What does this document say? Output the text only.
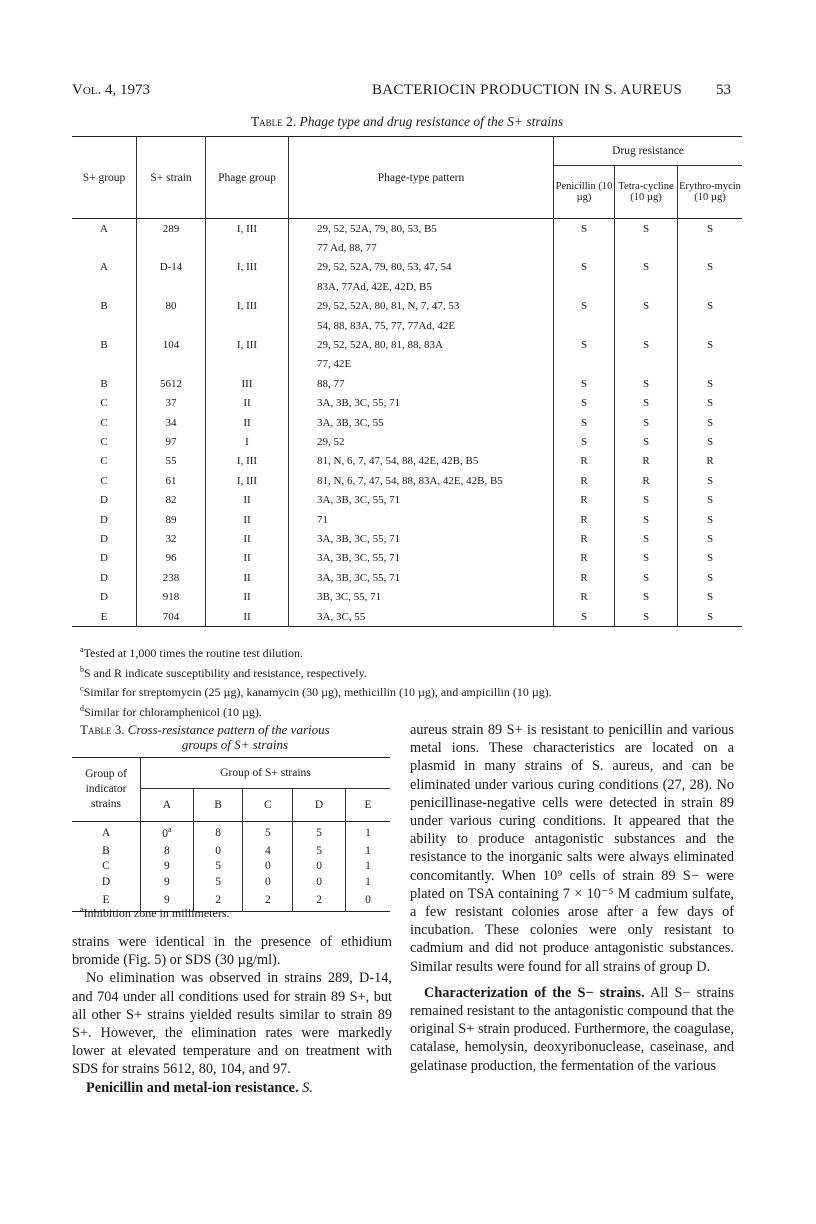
Vol. 4, 1973	BACTERIOCIN PRODUCTION IN S. AUREUS 53
Table 2. Phage type and drug resistance of the S+ strains
S+ group	S+ strain	Phage group	Phage-type pattern	Drug resistance		
				Penicillin (10 µg)	Tetra-cycline (10 µg)	Erythro-mycin (10 µg)
A	289	I, III	29, 52, 52A, 79, 80, 53, B5	S	S	S
			77 Ad, 88, 77			
A	D-14	I, III	29, 52, 52A, 79, 80, 53, 47, 54	S	S	S
			83A, 77Ad, 42E, 42D, B5			
B	80	I, III	29, 52, 52A, 80, 81, N, 7, 47, 53	S	S	S
			54, 88, 83A, 75, 77, 77Ad, 42E			
B	104	I, III	29, 52, 52A, 80, 81, 88, 83A	S	S	S
			77, 42E			
B	5612	III	88, 77	S	S	S
C	37	II	3A, 3B, 3C, 55, 71	S	S	S
C	34	II	3A, 3B, 3C, 55	S	S	S
C	97	I	29, 52	S	S	S
C	55	I, III	81, N, 6, 7, 47, 54, 88, 42E, 42B, B5	R	R	R
C	61	I, III	81, N, 6, 7, 47, 54, 88, 83A, 42E, 42B, B5	R	R	S
D	82	II	3A, 3B, 3C, 55, 71	R	S	S
D	89	II	71	R	S	S
D	32	II	3A, 3B, 3C, 55, 71	R	S	S
D	96	II	3A, 3B, 3C, 55, 71	R	S	S
D	238	II	3A, 3B, 3C, 55, 71	R	S	S
D	918	II	3B, 3C, 55, 71	R	S	S
E	704	II	3A, 3C, 55	S	S	S
$^a$Tested at 1,000 times the routine test dilution.
$^b$S and R indicate susceptibility and resistance, respectively.
$^c$Similar for streptomycin (25 µg), kanamycin (30 µg), methicillin (10 µg), and ampicillin (10 µg).
$^d$Similar for chloramphenicol (10 µg).
Table 3. Cross-resistance pattern of the various
groups of S+ strains
Group of
indicator
strains	Group of S+ strains				
	A	B	C	D	E
A	0$^a$	8	5	5	1
B	8	0	4	5	1
C	9	5	0	0	1
D	9	5	0	0	1
E	9	2	2	2	0
$^a$Inhibition zone in millimeters.

strains were identical in the presence of ethidium bromide (Fig. 5) or SDS (30 µg/ml).

No elimination was observed in strains 289, D-14, and 704 under all conditions used for strain 89 S+, but all other S+ strains yielded results similar to strain 89 S+. However, the elimination rates were markedly lower at elevated temperature and on treatment with SDS for strains 5612, 80, 104, and 97.

Penicillin and metal-ion resistance. S.

aureus strain 89 S+ is resistant to penicillin and various metal ions. These characteristics are located on a plasmid in many strains of S. aureus, and can be eliminated under various curing conditions (27, 28). No penicillinase-negative cells were detected in strain 89 under various curing conditions. It appeared that the ability to produce antagonistic substances and the resistance to the inorganic salts were always eliminated concomitantly. When 10⁹ cells of strain 89 S− were plated on TSA containing 7 × 10⁻⁵ M cadmium sulfate, a few resistant colonies arose after a few days of incubation. These colonies were only resistant to cadmium and did not produce antagonistic substances. Similar results were found for all strains of group D.

Characterization of the S− strains. All S− strains remained resistant to the antagonistic compound that the original S+ strain produced. Furthermore, the coagulase, catalase, hemolysin, deoxyribonuclease, caseinase, and gelatinase production, the fermentation of the various
